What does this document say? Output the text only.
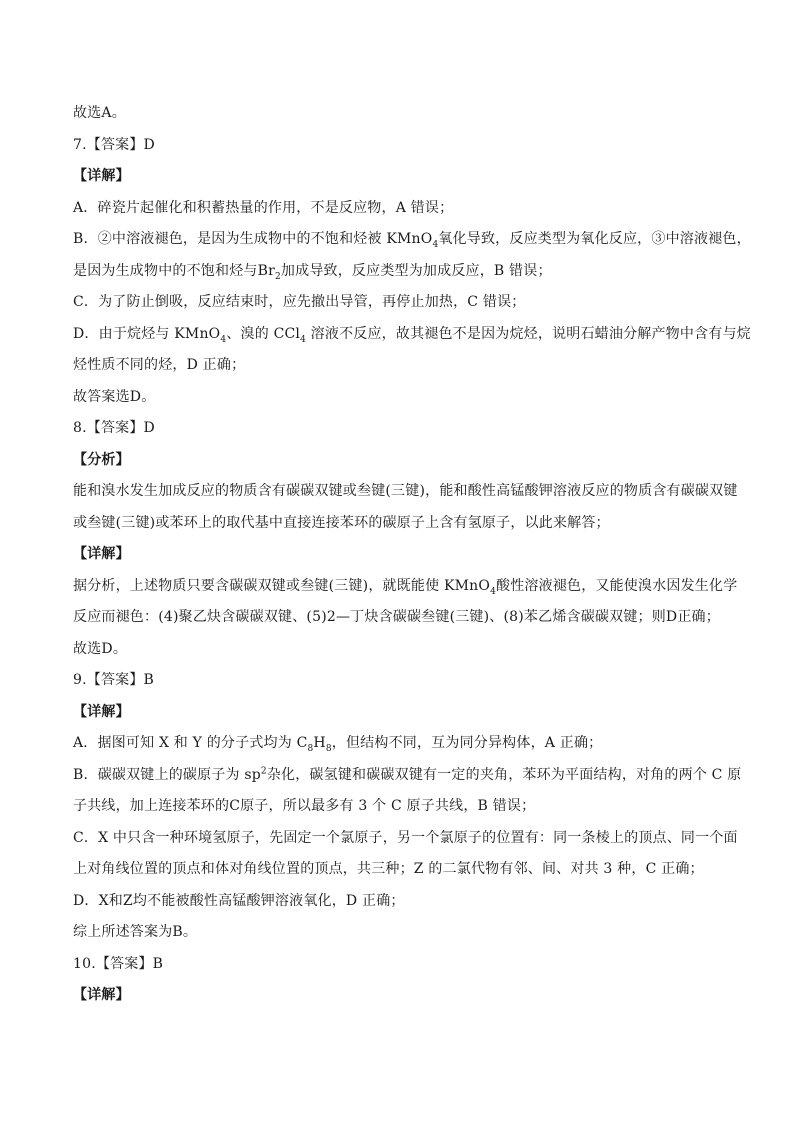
故选A。
7.【答案】D
【详解】
A．碎瓷片起催化和积蓄热量的作用，不是反应物，A 错误；
B．②中溶液褪色，是因为生成物中的不饱和烃被 KMnO$_4$氧化导致，反应类型为氧化反应，③中溶液褪色，
是因为生成物中的不饱和烃与$Br_2$加成导致，反应类型为加成反应，B 错误；
C．为了防止倒吸，反应结束时，应先撤出导管，再停止加热，C 错误；
D．由于烷烃与 KMnO$_4$、溴的 CCl$_4$ 溶液不反应，故其褪色不是因为烷烃，说明石蜡油分解产物中含有与烷
烃性质不同的烃，D 正确；
故答案选D。
8.【答案】D
【分析】
能和溴水发生加成反应的物质含有碳碳双键或叁键(三键)，能和酸性高锰酸钾溶液反应的物质含有碳碳双键
或叁键(三键)或苯环上的取代基中直接连接苯环的碳原子上含有氢原子，以此来解答；
【详解】
据分析，上述物质只要含碳碳双键或叁键(三键)，就既能使 KMnO$_4$酸性溶液褪色，又能使溴水因发生化学
反应而褪色：(4)聚乙炔含碳碳双键、(5)2—丁炔含碳碳叁键(三键)、(8)苯乙烯含碳碳双键；则D正确；
故选D。
9.【答案】B
【详解】
A．据图可知 X 和 Y 的分子式均为 $C_8H_8$，但结构不同，互为同分异构体，A 正确；
B．碳碳双键上的碳原子为 $sp^2$杂化，碳氢键和碳碳双键有一定的夹角，苯环为平面结构，对角的两个 C 原
子共线，加上连接苯环的C原子，所以最多有 3 个 C 原子共线，B 错误；
C．X 中只含一种环境氢原子，先固定一个氯原子，另一个氯原子的位置有：同一条棱上的顶点、同一个面
上对角线位置的顶点和体对角线位置的顶点，共三种；Z 的二氯代物有邻、间、对共 3 种，C 正确；
D．X和Z均不能被酸性高锰酸钾溶液氧化，D 正确；
综上所述答案为B。
10.【答案】B
【详解】
